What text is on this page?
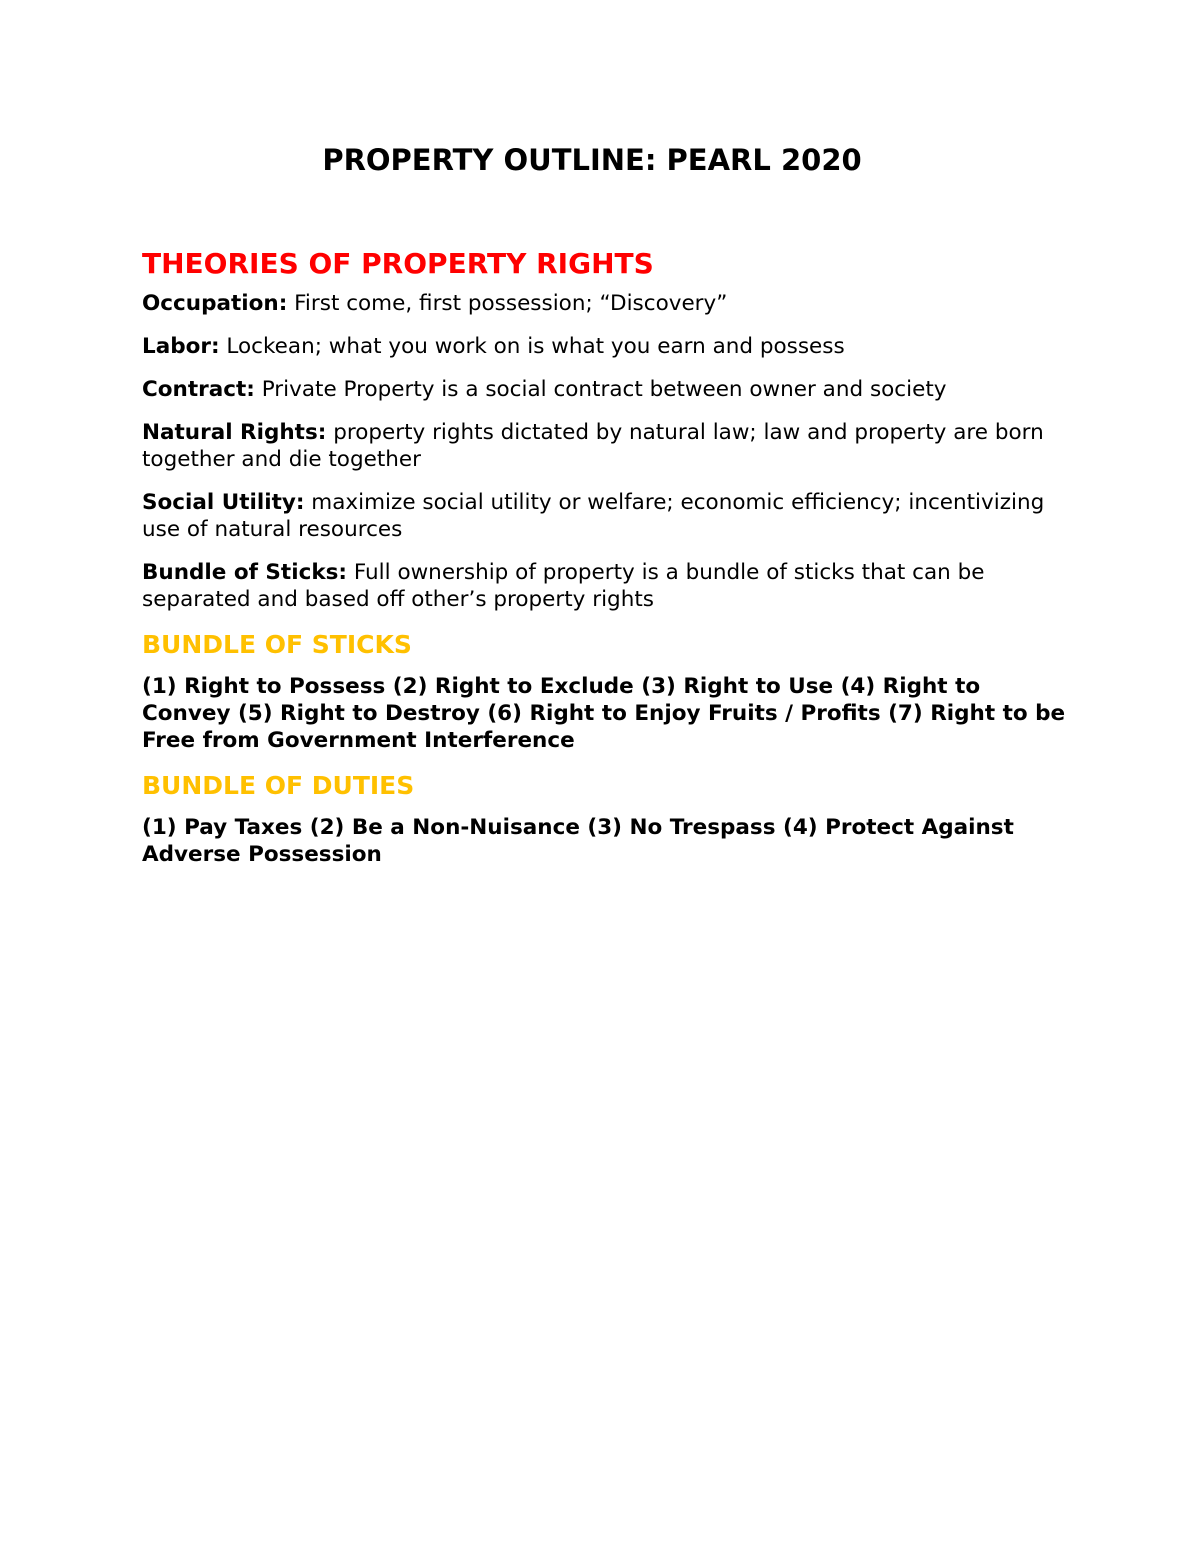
PROPERTY OUTLINE: PEARL 2020
THEORIES OF PROPERTY RIGHTS

Occupation: First come, first possession; “Discovery”

Labor: Lockean; what you work on is what you earn and possess

Contract: Private Property is a social contract between owner and society

Natural Rights: property rights dictated by natural law; law and property are born together and die together

Social Utility: maximize social utility or welfare; economic efficiency; incentivizing use of natural resources

Bundle of Sticks: Full ownership of property is a bundle of sticks that can be separated and based off other’s property rights

BUNDLE OF STICKS

(1) Right to Possess (2) Right to Exclude (3) Right to Use (4) Right to Convey (5) Right to Destroy (6) Right to Enjoy Fruits / Profits (7) Right to be Free from Government Interference

BUNDLE OF DUTIES

(1) Pay Taxes (2) Be a Non-Nuisance (3) No Trespass (4) Protect Against Adverse Possession
